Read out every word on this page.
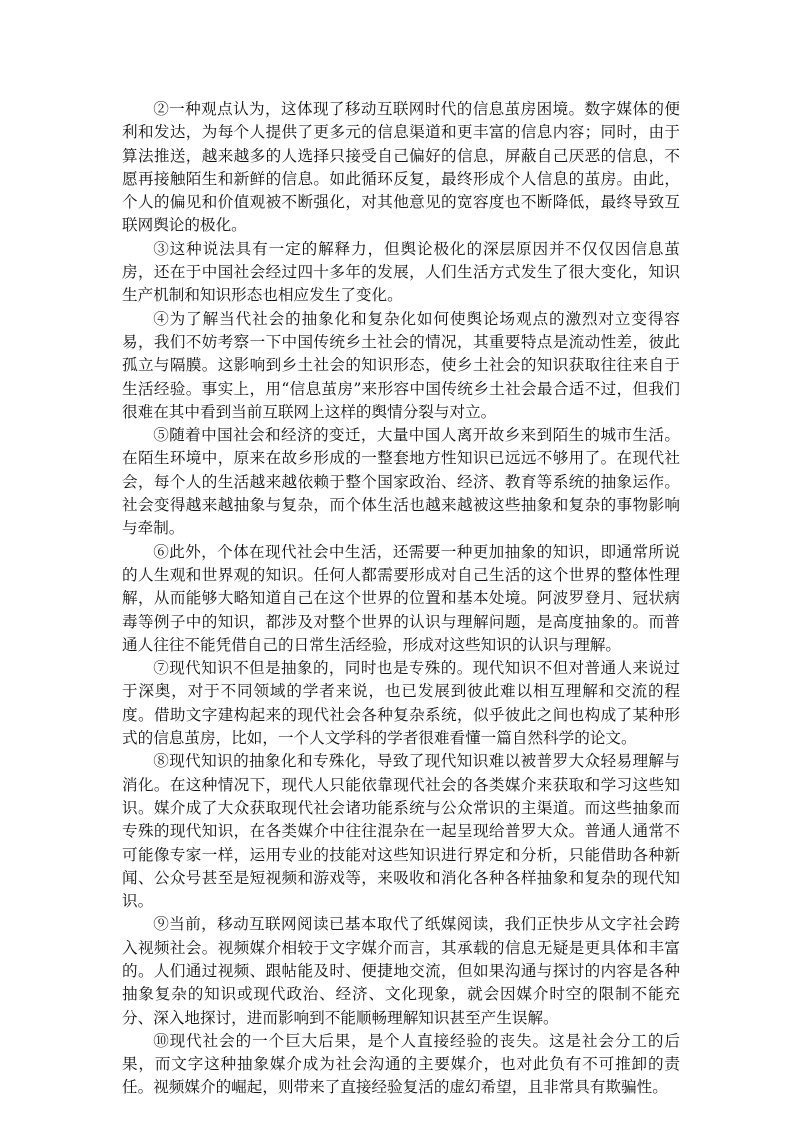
②一种观点认为，这体现了移动互联网时代的信息茧房困境。数字媒体的便利和发达，为每个人提供了更多元的信息渠道和更丰富的信息内容；同时，由于算法推送，越来越多的人选择只接受自己偏好的信息，屏蔽自己厌恶的信息，不愿再接触陌生和新鲜的信息。如此循环反复，最终形成个人信息的茧房。由此，个人的偏见和价值观被不断强化，对其他意见的宽容度也不断降低，最终导致互联网舆论的极化。

③这种说法具有一定的解释力，但舆论极化的深层原因并不仅仅因信息茧房，还在于中国社会经过四十多年的发展，人们生活方式发生了很大变化，知识生产机制和知识形态也相应发生了变化。

④为了解当代社会的抽象化和复杂化如何使舆论场观点的激烈对立变得容易，我们不妨考察一下中国传统乡土社会的情况，其重要特点是流动性差，彼此孤立与隔膜。这影响到乡土社会的知识形态，使乡土社会的知识获取往往来自于生活经验。事实上，用“信息茧房”来形容中国传统乡土社会最合适不过，但我们很难在其中看到当前互联网上这样的舆情分裂与对立。

⑤随着中国社会和经济的变迁，大量中国人离开故乡来到陌生的城市生活。在陌生环境中，原来在故乡形成的一整套地方性知识已远远不够用了。在现代社会，每个人的生活越来越依赖于整个国家政治、经济、教育等系统的抽象运作。社会变得越来越抽象与复杂，而个体生活也越来越被这些抽象和复杂的事物影响与牵制。

⑥此外，个体在现代社会中生活，还需要一种更加抽象的知识，即通常所说的人生观和世界观的知识。任何人都需要形成对自己生活的这个世界的整体性理解，从而能够大略知道自己在这个世界的位置和基本处境。阿波罗登月、冠状病毒等例子中的知识，都涉及对整个世界的认识与理解问题，是高度抽象的。而普通人往往不能凭借自己的日常生活经验，形成对这些知识的认识与理解。

⑦现代知识不但是抽象的，同时也是专殊的。现代知识不但对普通人来说过于深奥，对于不同领域的学者来说，也已发展到彼此难以相互理解和交流的程度。借助文字建构起来的现代社会各种复杂系统，似乎彼此之间也构成了某种形式的信息茧房，比如，一个人文学科的学者很难看懂一篇自然科学的论文。

⑧现代知识的抽象化和专殊化，导致了现代知识难以被普罗大众轻易理解与消化。在这种情况下，现代人只能依靠现代社会的各类媒介来获取和学习这些知识。媒介成了大众获取现代社会诸功能系统与公众常识的主渠道。而这些抽象而专殊的现代知识，在各类媒介中往往混杂在一起呈现给普罗大众。普通人通常不可能像专家一样，运用专业的技能对这些知识进行界定和分析，只能借助各种新闻、公众号甚至是短视频和游戏等，来吸收和消化各种各样抽象和复杂的现代知识。

⑨当前，移动互联网阅读已基本取代了纸媒阅读，我们正快步从文字社会跨入视频社会。视频媒介相较于文字媒介而言，其承载的信息无疑是更具体和丰富的。人们通过视频、跟帖能及时、便捷地交流，但如果沟通与探讨的内容是各种抽象复杂的知识或现代政治、经济、文化现象，就会因媒介时空的限制不能充分、深入地探讨，进而影响到不能顺畅理解知识甚至产生误解。

⑩现代社会的一个巨大后果，是个人直接经验的丧失。这是社会分工的后果，而文字这种抽象媒介成为社会沟通的主要媒介，也对此负有不可推卸的责任。视频媒介的崛起，则带来了直接经验复活的虚幻希望，且非常具有欺骗性。
